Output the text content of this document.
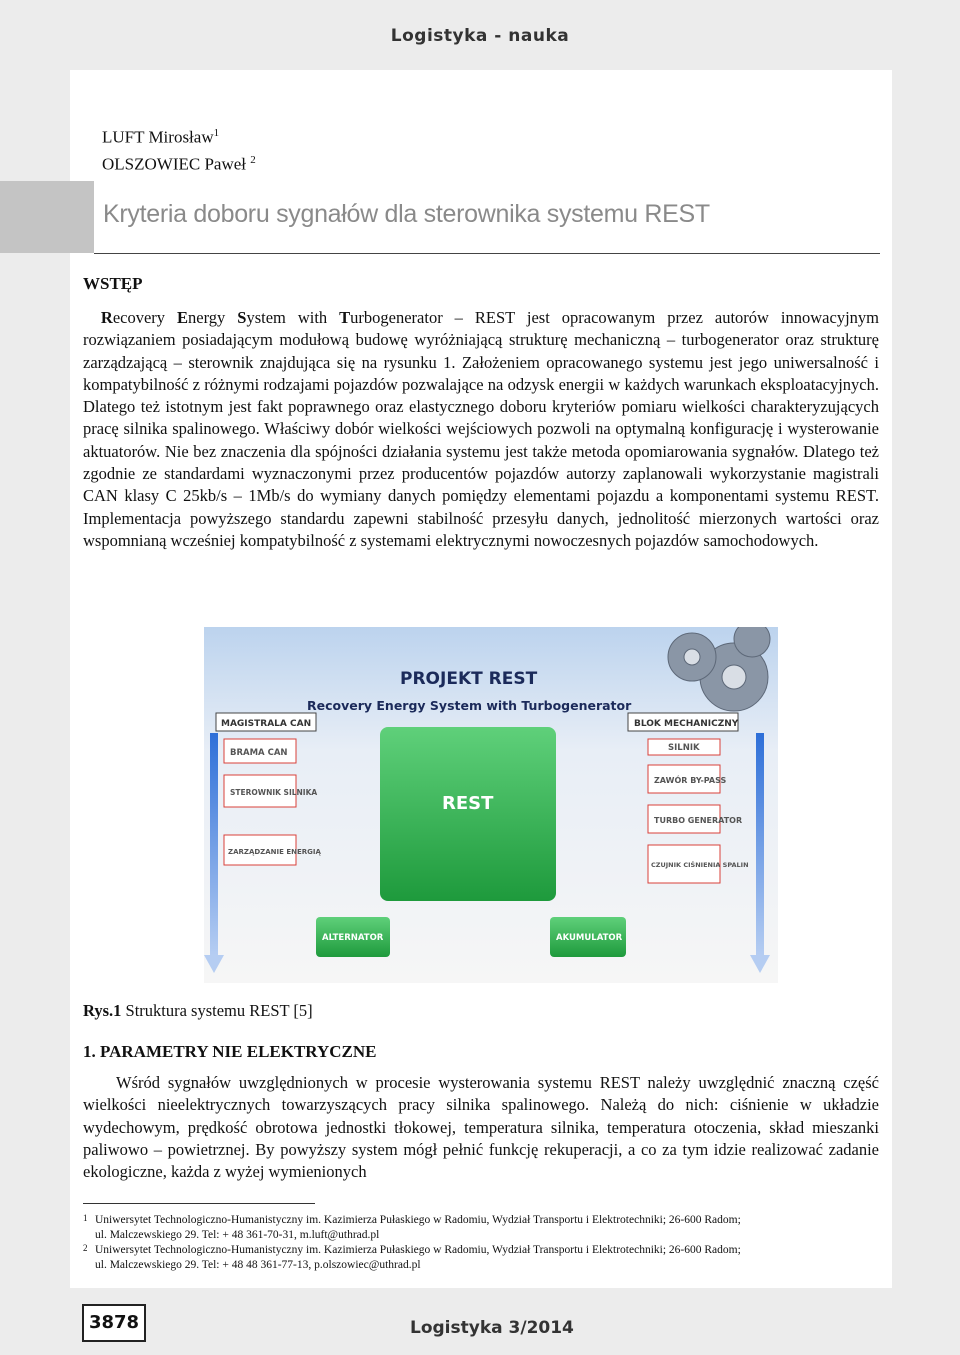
Logistyka - nauka
LUFT Mirosław$^1$
OLSZOWIEC Paweł $^2$
Kryteria doboru sygnałów dla sterownika systemu REST
WSTĘP
  Recovery Energy System with Turbogenerator – REST jest opracowanym przez autorów innowacyjnym rozwiązaniem posiadającym modułową budowę wyróżniającą strukturę mechaniczną – turbogenerator oraz strukturę zarządzającą – sterownik znajdująca się na rysunku 1. Założeniem opracowanego systemu jest jego uniwersalność i kompatybilność z różnymi rodzajami pojazdów pozwalające na odzysk energii w każdych warunkach eksploatacyjnych. Dlatego też istotnym jest fakt poprawnego oraz elastycznego doboru kryteriów pomiaru wielkości charakteryzujących pracę silnika spalinowego. Właściwy dobór wielkości wejściowych pozwoli na optymalną konfigurację i wysterowanie aktuatorów. Nie bez znaczenia dla spójności działania systemu jest także metoda opomiarowania sygnałów. Dlatego też zgodnie ze standardami wyznaczonymi przez producentów pojazdów autorzy zaplanowali wykorzystanie magistrali CAN klasy C 25kb/s – 1Mb/s do wymiany danych pomiędzy elementami pojazdu a komponentami systemu REST. Implementacja powyższego standardu zapewni stabilność przesyłu danych, jednolitość mierzonych wartości oraz wspomnianą wcześniej kompatybilność z systemami elektrycznymi nowoczesnych pojazdów samochodowych.
PROJEKT REST
Recovery Energy System with Turbogenerator
MAGISTRALA CAN
BRAMA CAN
STEROWNIK SILNIKA
ZARZĄDZANIE ENERGIĄ
REST
BLOK MECHANICZNY
SILNIK
ZAWÓR BY-PASS
TURBO GENERATOR
CZUJNIK CIŚNIENIA SPALIN
ALTERNATOR	AKUMULATOR
Rys.1 Struktura systemu REST [5]
1. PARAMETRY NIE ELEKTRYCZNE
  Wśród sygnałów uwzględnionych w procesie wysterowania systemu REST należy uwzględnić znaczną część wielkości nieelektrycznych towarzyszących pracy silnika spalinowego. Należą do nich: ciśnienie w układzie wydechowym, prędkość obrotowa jednostki tłokowej, temperatura silnika, temperatura otoczenia, skład mieszanki paliwowo – powietrznej. By powyższy system mógł pełnić funkcję rekuperacji, a co za tym idzie realizować zadanie ekologiczne, każda z wyżej wymienionych
1 Uniwersytet Technologiczno-Humanistyczny im. Kazimierza Pułaskiego w Radomiu, Wydział Transportu i Elektrotechniki; 26-600 Radom;
ul. Malczewskiego 29. Tel: + 48 361-70-31, m.luft@uthrad.pl
2 Uniwersytet Technologiczno-Humanistyczny im. Kazimierza Pułaskiego w Radomiu, Wydział Transportu i Elektrotechniki; 26-600 Radom;
ul. Malczewskiego 29. Tel: + 48 48 361-77-13, p.olszowiec@uthrad.pl
3878	Logistyka 3/2014
